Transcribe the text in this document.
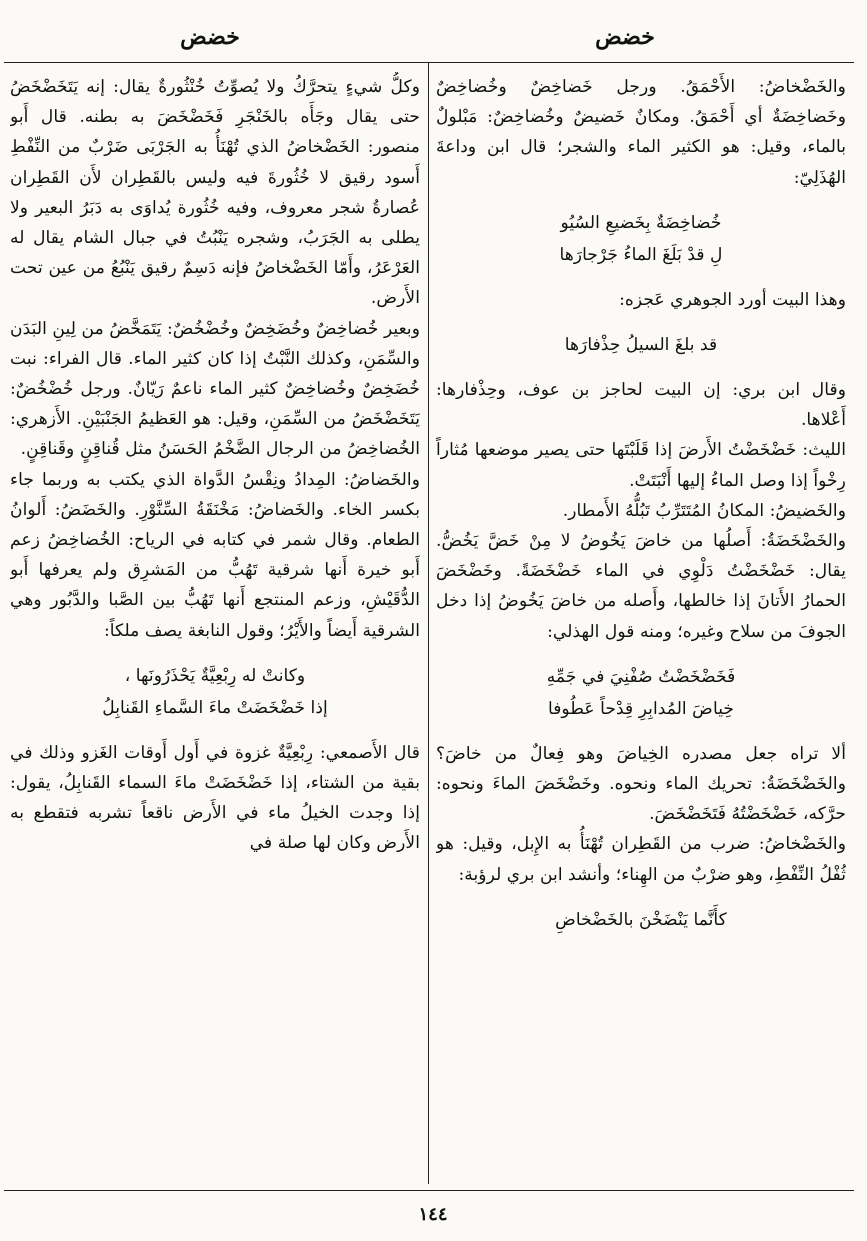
خضض
خضض

والخَضْخاضُ: الأَحْمَقُ. ورجل خَضاخِضٌ وخُضاخِضٌ وخَضاخِضَةٌ أي أَحْمَقُ. ومكانٌ خَضيضٌ وخُضاخِضٌ: مَبْلولٌ بالماء، وقيل: هو الكثير الماء والشجر؛ قال ابن وداعةَ الهُذَلِيّ:

خُضاخِضَةٌ بِخَضيعِ السُيُو
لِ قدْ بَلَغَ الماءُ جَرْجارَها

وهذا البيت أورد الجوهري عَجزه:

قد بلغَ السيلُ حِذْفارَها

وقال ابن بري: إن البيت لحاجز بن عوف، وحِذْفارها: أَعْلاها.

الليث: خَضْخَضْتُ الأَرضَ إذا قَلَبْتَها حتى يصير موضعها مُثاراً رِخْواً إذا وصل الماءُ إليها أَنْبَتَتْ.

والخَضيضُ: المكانُ المُتَتَرِّبُ تَبُلُّهُ الأَمطار.

والخَضْخَضَةُ: أَصلُها من خاضَ يَخُوضُ لا مِنْ خَضَّ يَخُضُّ. يقال: خَضْخَضْتُ دَلْوِي في الماء خَضْخَضَةً. وخَضْخَضَ الحمارُ الأَتانَ إذا خالطها، وأَصله من خاضَ يَخُوضُ إذا دخل الجوفَ من سلاح وغيره؛ ومنه قول الهذلي:

فَخَضْخَضْتُ صُفْنِيَ في جَمِّهِ
خِياضَ المُدابِرِ قِدْحاً عَطُوفا

ألا تراه جعل مصدره الخِياضَ وهو فِعالٌ من خاضَ؟ والخَضْخَضَةُ: تحريك الماء ونحوه. وخَضْخَضَ الماءَ ونحوه: حرَّكه، خَضْخَضْتُهُ فَتَخَضْخَضَ.

والخَضْخاضُ: ضرب من القَطِران تُهْنَأُ به الإِبل، وقيل: هو ثُفْلُ النِّفْطِ، وهو ضرْبٌ من الهِناء؛ وأنشد ابن بري لرؤبة:

كأَنَّما يَنْضَخْنَ بالخَضْخاضِ

وكلُّ شيءٍ يتحرَّكُ ولا يُصوِّتُ خُنْثُورةٌ يقال: إنه يَتَخَضْخَضُ حتى يقال وجَأَه بالخَنْجَرِ فَخَضْخَضَ به بطنه. قال أَبو منصور: الخَضْخاضُ الذي تُهْنَأُ به الجَرْبَى ضَرْبٌ من النِّفْطِ أَسود رقيق لا خُثُورةَ فيه وليس بالقَطِران لأَن القَطِران عُصارةُ شجر معروف، وفيه خُثُورة يُداوَى به دَبَرُ البعير ولا يطلى به الجَرَبُ، وشجره يَنْبُتُ في جبال الشام يقال له العَرْعَرُ، وأَمّا الخَضْخاضُ فإنه دَسِمٌ رقيق يَنْبُعُ من عين تحت الأَرض.

وبعير خُضاخِضٌ وخُضَخِضٌ وخُضْخُضٌ: يَتَمَخَّضُ من لِينِ البَدَن والسِّمَنِ، وكذلك النَّبْتُ إذا كان كثير الماء. قال الفراء: نبت خُضَخِضٌ وخُضاخِضٌ كثير الماء ناعمٌ رَيّانٌ. ورجل خُضْخُضٌ: يَتَخَضْخَضُ من السِّمَنِ، وقيل: هو العَظيمُ الجَنْبَيْنِ. الأَزهري: الخُضاخِضُ من الرجال الضَّخْمُ الحَسَنُ مثل قُناقِنٍ وقَناقِنٍ.

والخَضاضُ: المِدادُ ونِقْسُ الدَّواة الذي يكتب به وربما جاء بكسر الخاء. والخَضاضُ: مَخْنَقَةُ السِّنَّوْرِ. والخَضَضُ: أَلوانُ الطعام. وقال شمر في كتابه في الرياح: الخُضاخِضُ زعم أَبو خيرة أَنها شرقية تَهُبُّ من المَشرِق ولم يعرفها أَبو الدُّقَيْشِ، وزعم المنتجع أَنها تَهُبُّ بين الصَّبا والدَّبُور وهي الشرقية أَيضاً والأَيْرُ؛ وقول النابغة يصف ملكاً:

وكانتْ له رِبْعِيَّةٌ يَحْذَرُونَها ،
إذا خَضْخَضَتْ ماءَ السَّماءِ القَنابِلُ

قال الأَصمعي: رِبْعِيَّةٌ غزوة في أَول أَوقات الغَزو وذلك في بقية من الشتاء، إذا خَضْخَضَتْ ماءَ السماء القَنابِلُ، يقول: إذا وجدت الخيلُ ماء في الأَرض ناقعاً تشربه فتقطع به الأَرض وكان لها صلة في

١٤٤
